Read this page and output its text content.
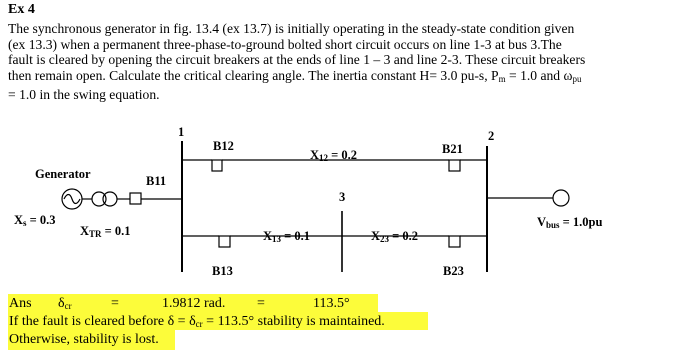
Ex 4
The synchronous generator in fig. 13.4 (ex 13.7) is initially operating in the steady-state condition given
(ex 13.3) when a permanent three-phase-to-ground bolted short circuit occurs on line 1-3 at bus 3.The
fault is cleared by opening the circuit breakers at the ends of line 1 – 3 and line 2-3. These circuit breakers
then remain open. Calculate the critical clearing angle. The inertia constant H= 3.0 pu-s, $P_m = 1.0$ and $\omega_{pu}$
= 1.0 in the swing equation.
Generator
$X_s = 0.3$
$X_{TR} = 0.1$
B11
1
B12
$X_{12} = 0.2$	B21
2
3
$X_{13} = 0.1$	$X_{23} = 0.2$
B13	B23
$V_{bus} = 1.0pu$
Ans $\delta_{cr}$	=	1.9812 rad. =	113.5°
If the fault is cleared before $\delta = \delta_{cr} = 113.5^\circ$ stability is maintained.
Otherwise, stability is lost.
